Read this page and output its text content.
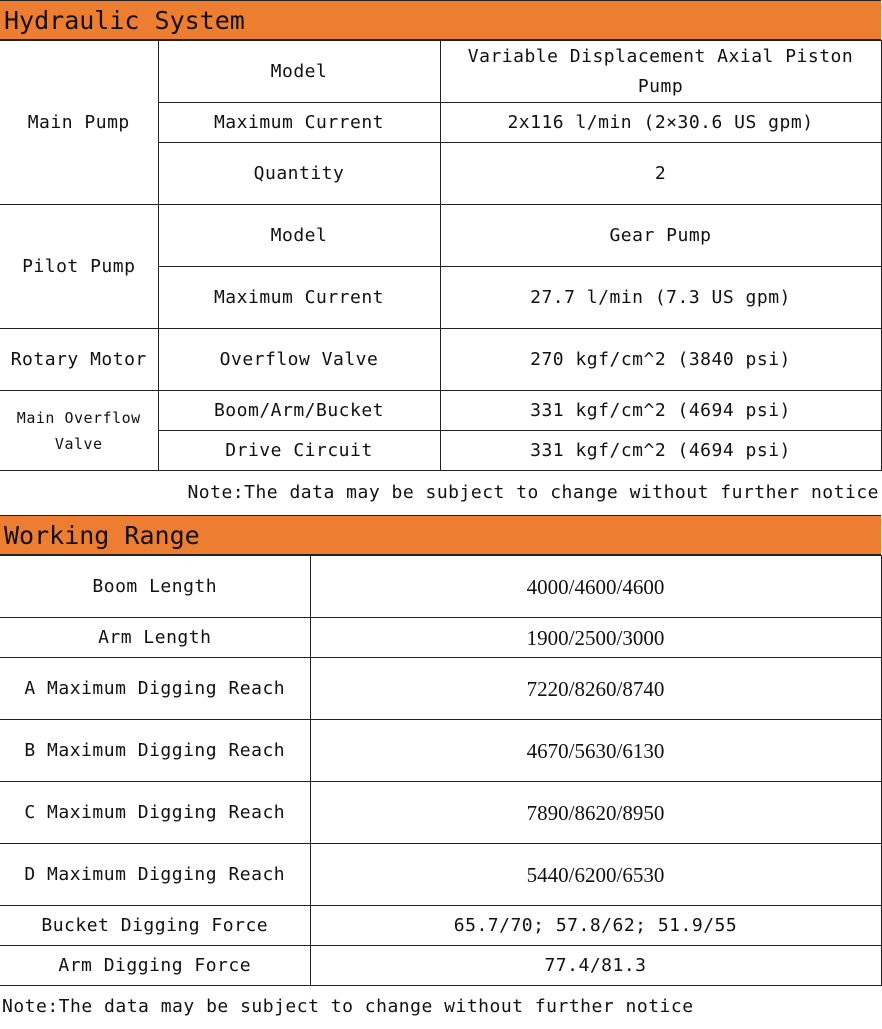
Hydraulic System
Main Pump	Model	Variable Displacement Axial Piston Pump
	Maximum Current	2x116 l/min (2×30.6 US gpm)
	Quantity	2
Pilot Pump	Model	Gear Pump
	Maximum Current	27.7 l/min (7.3 US gpm)
Rotary Motor	Overflow Valve	270 kgf/cm^2 (3840 psi)
Main Overflow Valve	Boom/Arm/Bucket	331 kgf/cm^2 (4694 psi)
	Drive Circuit	331 kgf/cm^2 (4694 psi)
Note:The data may be subject to change without further notice
Working Range
Boom Length	4000/4600/4600
Arm Length	1900/2500/3000
A Maximum Digging Reach	7220/8260/8740
B Maximum Digging Reach	4670/5630/6130
C Maximum Digging Reach	7890/8620/8950
D Maximum Digging Reach	5440/6200/6530
Bucket Digging Force	65.7/70; 57.8/62; 51.9/55
Arm Digging Force	77.4/81.3
Note:The data may be subject to change without further notice
